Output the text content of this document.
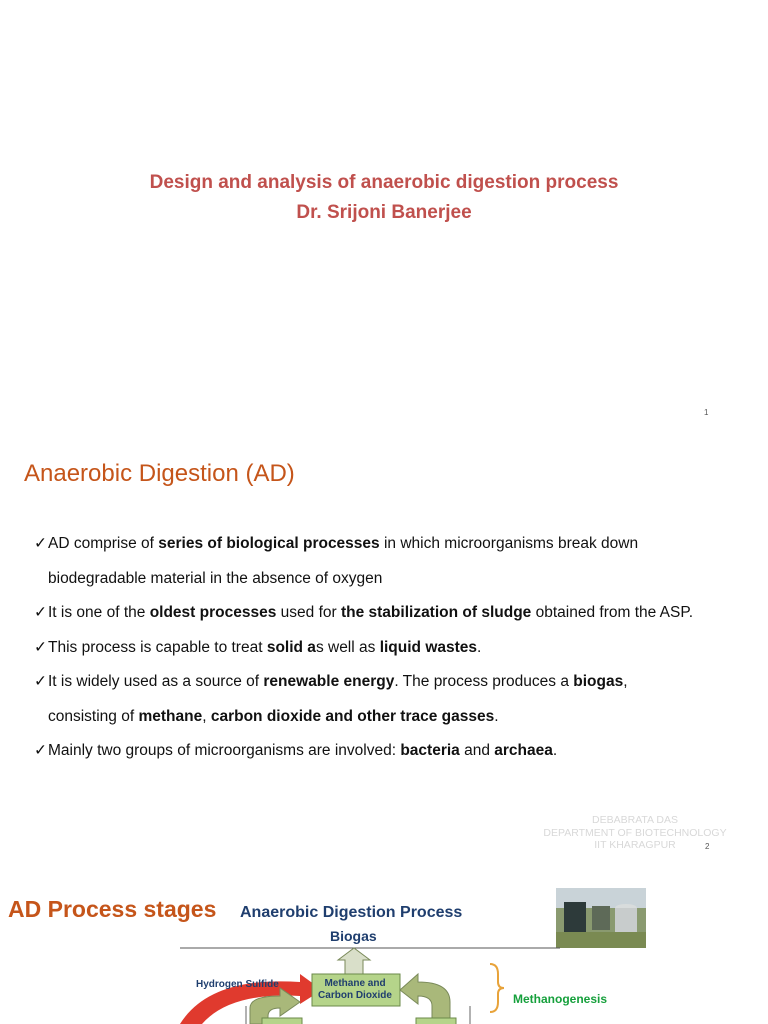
Design and analysis of anaerobic digestion process
Dr. Srijoni Banerjee
1
Anaerobic Digestion (AD)
✓ AD comprise of series of biological processes in which microorganisms break down
biodegradable material in the absence of oxygen
✓ It is one of the oldest processes used for the stabilization of sludge obtained from the ASP.
✓ This process is capable to treat solid as well as liquid wastes.
✓ It is widely used as a source of renewable energy. The process produces a biogas,
consisting of methane, carbon dioxide and other trace gasses.
✓ Mainly two groups of microorganisms are involved: bacteria and archaea.
DEBABRATA DAS
DEPARTMENT OF BIOTECHNOLOGY
IIT KHARAGPUR	2
AD Process stages Anaerobic Digestion Process
Biogas
Hydrogen Sulfide	Methane and
Carbon Dioxide	Methanogenesis
